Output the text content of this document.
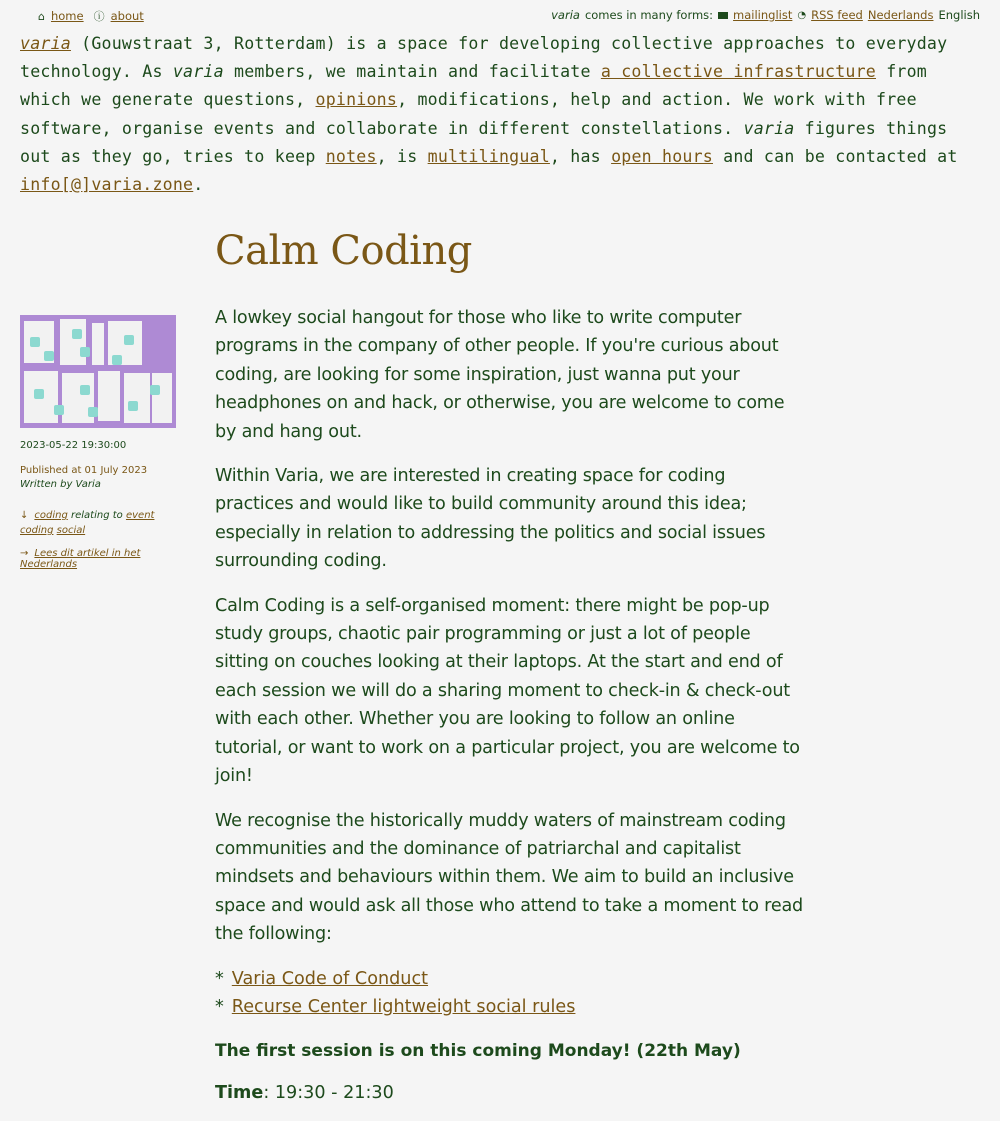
⌂ home ⓘ about	varia comes in many forms: mailinglist ◔ RSS feed Nederlands English
varia (Gouwstraat 3, Rotterdam) is a space for developing collective approaches to everyday technology. As varia members, we maintain and facilitate a collective infrastructure from which we generate questions, opinions, modifications, help and action. We work with free software, organise events and collaborate in different constellations. varia figures things out as they go, tries to keep notes, is multilingual, has open hours and can be contacted at info[@]varia.zone.
2023-05-22 19:30:00
Published at 01 July 2023
Written by Varia
↓ coding relating to event coding social
→ Lees dit artikel in het Nederlands
Calm Coding

A lowkey social hangout for those who like to write computer programs in the company of other people. If you're curious about coding, are looking for some inspiration, just wanna put your headphones on and hack, or otherwise, you are welcome to come by and hang out.

Within Varia, we are interested in creating space for coding practices and would like to build community around this idea; especially in relation to addressing the politics and social issues surrounding coding.

Calm Coding is a self-organised moment: there might be pop-up study groups, chaotic pair programming or just a lot of people sitting on couches looking at their laptops. At the start and end of each session we will do a sharing moment to check-in & check-out with each other. Whether you are looking to follow an online tutorial, or want to work on a particular project, you are welcome to join!

We recognise the historically muddy waters of mainstream coding communities and the dominance of patriarchal and capitalist mindsets and behaviours within them. We aim to build an inclusive space and would ask all those who attend to take a moment to read the following:

* Varia Code of Conduct
* Recurse Center lightweight social rules

The first session is on this coming Monday! (22th May)

Time: 19:30 - 21:30
